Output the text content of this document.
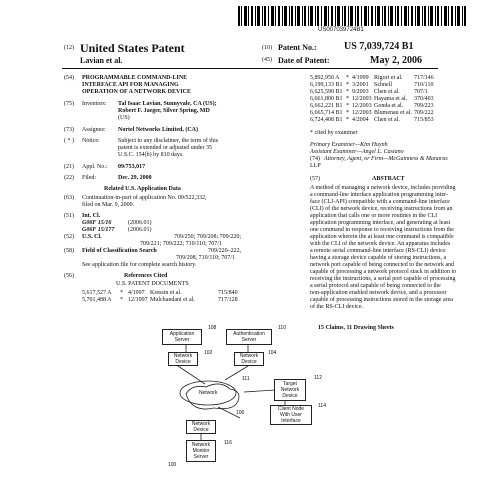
US007039724B1
(12) United States Patent
Lavian et al.
(10) Patent No.:	US 7,039,724 B1
(45) Date of Patent:	May 2, 2006
(54) PROGRAMMABLE COMMAND-LINE
INTERFACE API FOR MANAGING
OPERATION OF A NETWORK DEVICE
(75) Inventors: Tal Isaac Lavian, Sunnyvale, CA (US);
Robert F. Jaeger, Silver Spring, MD
(US)
(73) Assignee: Nortel Networks Limited, (CA)
( * ) Notice:	Subject to any disclaimer, the term of this
patent is extended or adjusted under 35
U.S.C. 154(b) by 810 days.
(21) Appl. No.: 09/753,017
(22) Filed:	Dec. 29, 2000
Related U.S. Application Data
(63) Continuation-in-part of application No. 09/522,332,
filed on Mar. 9, 2000.
(51) Int. Cl.
G06F 15/16	(2006.01)
G06F 15/177 (2006.01)
(52) U.S. Cl.	709/250; 709/208; 709/220;
709/221; 709/222; 710/110; 707/1
(58) Field of Classification Search	709/220–222,
709/208, 710/110; 707/1
See application file for complete search history.
(56)	References Cited
U.S. PATENT DOCUMENTS
5,617,527 A * 4/1997 Kressin et al.	715/840
5,701,488 A * 12/1997 Mulchandani et al.	717/128
5,892,950 A * 4/1999 Rigori et al. 717/146
6,199,133 B1 * 3/2001 Schnell	710/110
6,625,590 B1 * 9/2003 Chen et al. 707/1
6,661,800 B1 * 12/2003 Hayama et al. 370/403
6,662,221 B1 * 12/2003 Gonda et al. 709/223
6,665,714 B1 * 12/2003 Blumenau et al. 709/222
6,724,408 B1 * 4/2004 Chen et al. 715/853
* cited by examiner
Primary Examiner—Kim Huynh
Assistant Examiner—Angel L. Casiano
(74) Attorney, Agent, or Firm—McGuinness & Manaras
LLP
(57)	ABSTRACT
A method of managing a network device, includes providing
a command-line interface application programming inter-
face (CLI-API) compatible with a command-line interface
(CLI) of the network device, receiving instructions from an
application that calls one or more routines in the CLI
application programming interface, and generating at least
one command in response to receiving instructions from the
application wherein the at least one command is compatible
with the CLI of the network device. An apparatus includes
a remote serial command-line interface (RS-CLI) device
having a storage device capable of storing instructions, a
network port capable of being connected to the network and
capable of processing a network protocol stack in addition to
receiving the instructions, a serial port capable of processing
a serial protocol and capable of being connected to the
non-application enabled network device, and a processor
capable of processing instructions stored in the storage area
of the RS-CLI device.
15 Claims, 11 Drawing Sheets
Application
Server
108
Authentication
Server
110
Network
Device
102	Network
Device
104
Network
111
Target
Network
Device
112
Client Node
With User
Interface
114
106
Network
Device
Network
Monitor
Server
116
100
